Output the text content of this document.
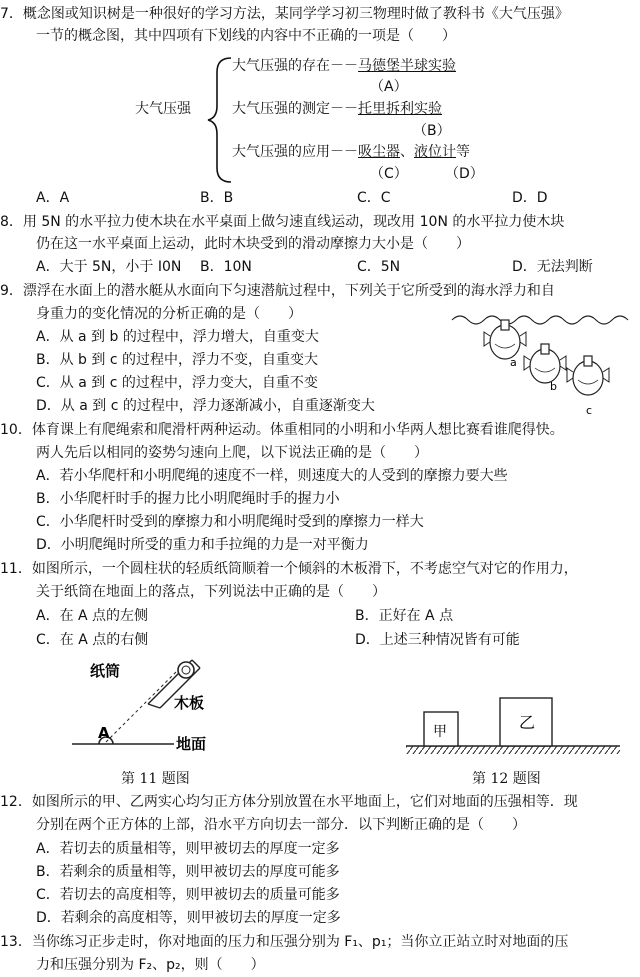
7．概念图或知识树是一种很好的学习方法，某同学学习初三物理时做了教科书《大气压强》
一节的概念图，其中四项有下划线的内容中不正确的一项是（　　）
大气压强
大气压强的存在－－马德堡半球实验
（A）
大气压强的测定－－托里拆利实验
（B）
大气压强的应用－－吸尘器、液位计等
（C）	（D）
A．A	B．B	C．C	D．D
8．用 5N 的水平拉力使木块在水平桌面上做匀速直线运动，现改用 10N 的水平拉力使木块
仍在这一水平桌面上运动，此时木块受到的滑动摩擦力大小是（　　）
A．大于 5N，小于 I0N B．10N	C．5N	D．无法判断
9．漂浮在水面上的潜水艇从水面向下匀速潜航过程中，下列关于它所受到的海水浮力和自
身重力的变化情况的分析正确的是（　　）
A．从 a 到 b 的过程中，浮力增大，自重变大
B．从 b 到 c 的过程中，浮力不变，自重变大
C．从 a 到 c 的过程中，浮力变大，自重不变
D．从 a 到 c 的过程中，浮力逐渐减小，自重逐渐变大
a
b
c
10．体育课上有爬绳索和爬滑杆两种运动。体重相同的小明和小华两人想比赛看谁爬得快。
两人先后以相同的姿势匀速向上爬，以下说法正确的是（　　）
A．若小华爬杆和小明爬绳的速度不一样，则速度大的人受到的摩擦力要大些
B．小华爬杆时手的握力比小明爬绳时手的握力小
C．小华爬杆时受到的摩擦力和小明爬绳时受到的摩擦力一样大
D．小明爬绳时所受的重力和手拉绳的力是一对平衡力
11．如图所示，一个圆柱状的轻质纸筒顺着一个倾斜的木板滑下，不考虑空气对它的作用力，
关于纸筒在地面上的落点，下列说法中正确的是（　　）
A．在 A 点的左侧	B．正好在 A 点
C．在 A 点的右侧	D．上述三种情况皆有可能
纸筒
木板
A
地面
第 11 题图
甲	乙
第 12 题图
12．如图所示的甲、乙两实心均匀正方体分别放置在水平地面上，它们对地面的压强相等．现
分别在两个正方体的上部，沿水平方向切去一部分．以下判断正确的是（　　）
A．若切去的质量相等，则甲被切去的厚度一定多
B．若剩余的质量相等，则甲被切去的厚度可能多
C．若切去的高度相等，则甲被切去的质量可能多
D．若剩余的高度相等，则甲被切去的厚度一定多
13．当你练习正步走时，你对地面的压力和压强分别为 F₁、p₁；当你立正站立时对地面的压
力和压强分别为 F₂、p₂，则（　　）
